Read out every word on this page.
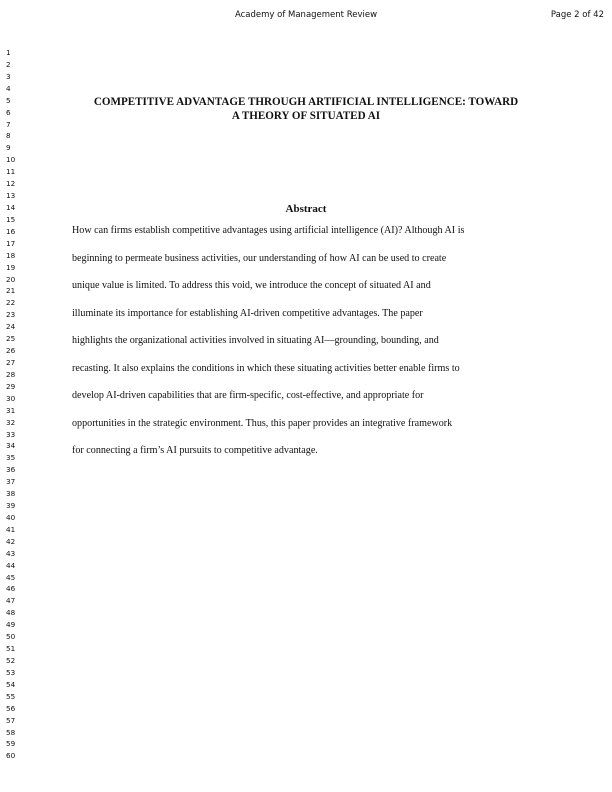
Academy of Management Review	Page 2 of 42
1
2
3
4
5
6
7
8
9
10
11
12
13
14
15
16
17
18
19
20
21
22
23
24
25
26
27
28
29
30
31
32
33
34
35
36
37
38
39
40
41
42
43
44
45
46
47
48
49
50
51
52
53
54
55
56
57
58
59
60
COMPETITIVE ADVANTAGE THROUGH ARTIFICIAL INTELLIGENCE: TOWARD
A THEORY OF SITUATED AI
Abstract
How can firms establish competitive advantages using artificial intelligence (AI)? Although AI is
beginning to permeate business activities, our understanding of how AI can be used to create
unique value is limited. To address this void, we introduce the concept of situated AI and
illuminate its importance for establishing AI-driven competitive advantages. The paper
highlights the organizational activities involved in situating AI—grounding, bounding, and
recasting. It also explains the conditions in which these situating activities better enable firms to
develop AI-driven capabilities that are firm-specific, cost-effective, and appropriate for
opportunities in the strategic environment. Thus, this paper provides an integrative framework
for connecting a firm’s AI pursuits to competitive advantage.
